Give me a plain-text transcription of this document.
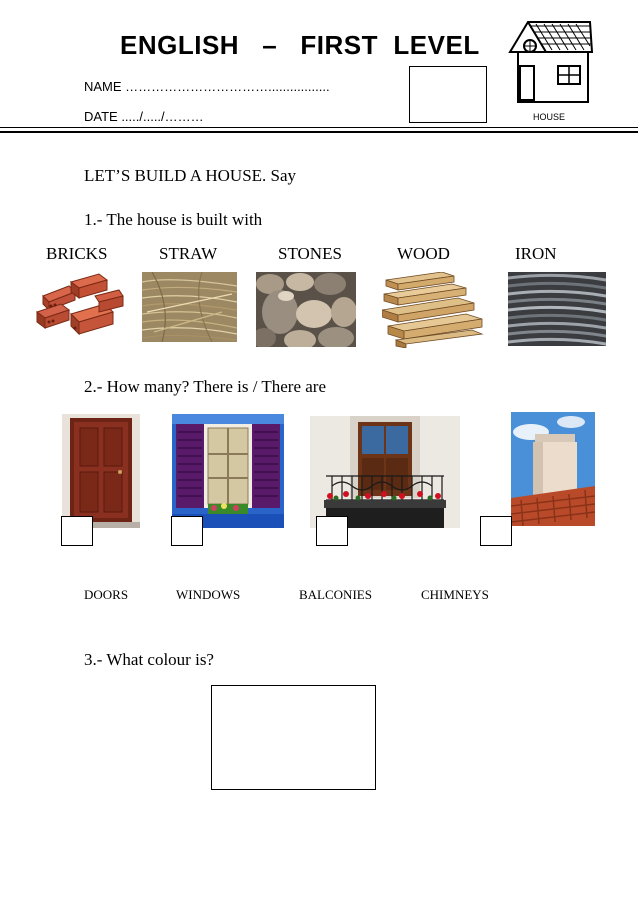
ENGLISH   –   FIRST  LEVEL
NAME …………………………….................
DATE ...../...../………	HOUSE
LET’S BUILD A HOUSE. Say
1.- The house is built with
BRICKS	STRAW	STONES	WOOD	IRON
2.- How many? There is / There are
DOORS	WINDOWS	BALCONIES	CHIMNEYS
3.- What colour is?
